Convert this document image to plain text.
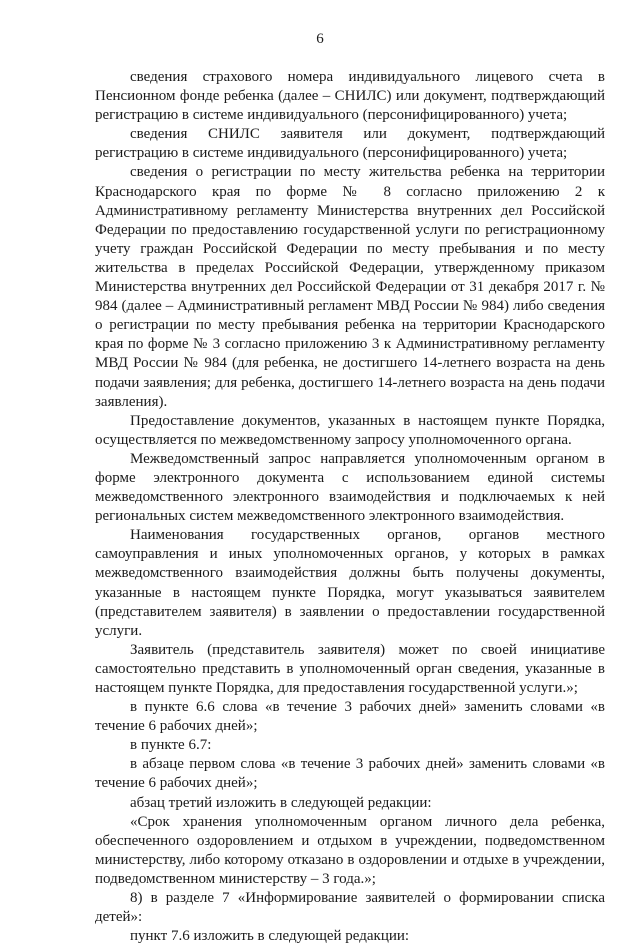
6

сведения страхового номера индивидуального лицевого счета в Пенсионном фонде ребенка (далее – СНИЛС) или документ, подтверждающий регистрацию в системе индивидуального (персонифицированного) учета;

сведения СНИЛС заявителя или документ, подтверждающий регистрацию в системе индивидуального (персонифицированного) учета;

сведения о регистрации по месту жительства ребенка на территории Краснодарского края по форме № 8 согласно приложению 2 к Административному регламенту Министерства внутренних дел Российской Федерации по предоставлению государственной услуги по регистрационному учету граждан Российской Федерации по месту пребывания и по месту жительства в пределах Российской Федерации, утвержденному приказом Министерства внутренних дел Российской Федерации от 31 декабря 2017 г. № 984 (далее – Административный регламент МВД России № 984) либо сведения о регистрации по месту пребывания ребенка на территории Краснодарского края по форме № 3 согласно приложению 3 к Административному регламенту МВД России № 984 (для ребенка, не достигшего 14-летнего возраста на день подачи заявления; для ребенка, достигшего 14-летнего возраста на день подачи заявления).

Предоставление документов, указанных в настоящем пункте Порядка, осуществляется по межведомственному запросу уполномоченного органа.

Межведомственный запрос направляется уполномоченным органом в форме электронного документа с использованием единой системы межведомственного электронного взаимодействия и подключаемых к ней региональных систем межведомственного электронного взаимодействия.

Наименования государственных органов, органов местного самоуправления и иных уполномоченных органов, у которых в рамках межведомственного взаимодействия должны быть получены документы, указанные в настоящем пункте Порядка, могут указываться заявителем (представителем заявителя) в заявлении о предоставлении государственной услуги.

Заявитель (представитель заявителя) может по своей инициативе самостоятельно представить в уполномоченный орган сведения, указанные в настоящем пункте Порядка, для предоставления государственной услуги.»;

в пункте 6.6 слова «в течение 3 рабочих дней» заменить словами «в течение 6 рабочих дней»;

в пункте 6.7:

в абзаце первом слова «в течение 3 рабочих дней» заменить словами «в течение 6 рабочих дней»;

абзац третий изложить в следующей редакции:

«Срок хранения уполномоченным органом личного дела ребенка, обеспеченного оздоровлением и отдыхом в учреждении, подведомственном министерству, либо которому отказано в оздоровлении и отдыхе в учреждении, подведомственном министерству – 3 года.»;

8) в разделе 7 «Информирование заявителей о формировании списка детей»:

пункт 7.6 изложить в следующей редакции:
